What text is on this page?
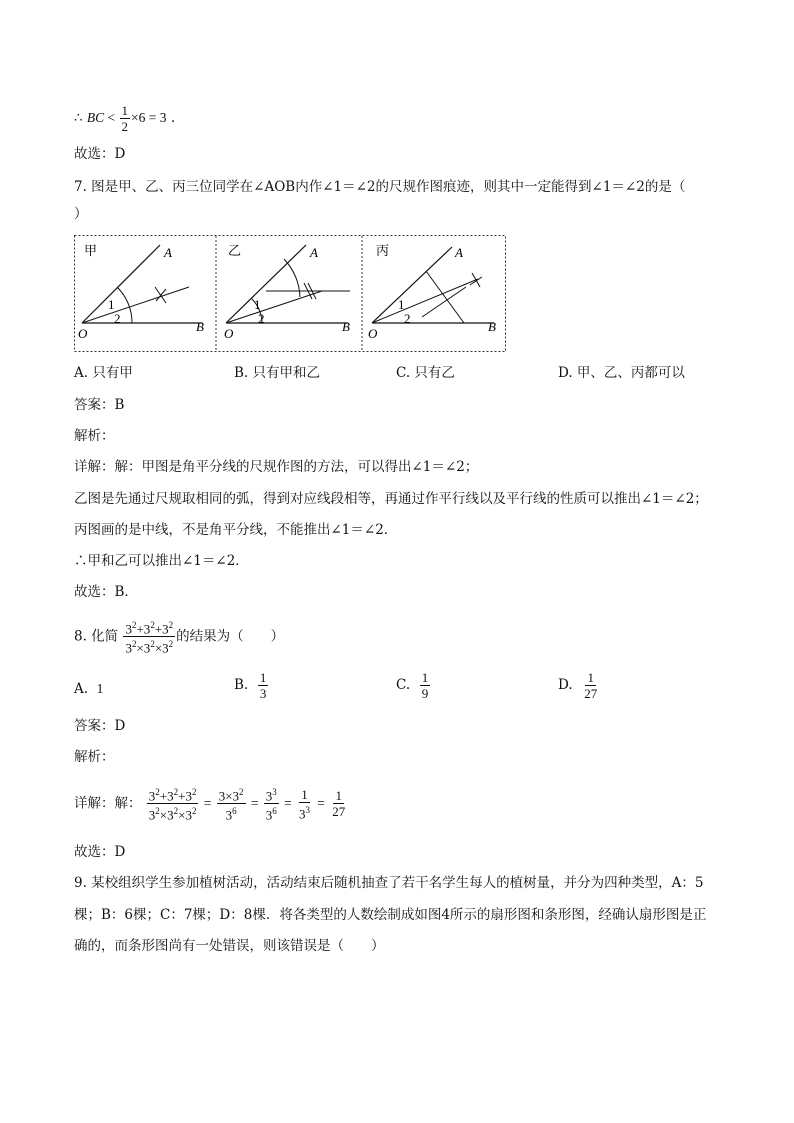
∴ BC < $\frac{1}{2} \times 6 = 3$ .
故选：D
7. 图是甲、乙、丙三位同学在∠AOB内作∠1＝∠2的尺规作图痕迹，则其中一定能得到∠1＝∠2的是（
）
甲
1
2
A
O	B
乙
1
2
A
O	B
丙
1
2
A
O	B
A. 只有甲	B. 只有甲和乙	C. 只有乙	D. 甲、乙、丙都可以
答案：B
解析：
详解：解：甲图是角平分线的尺规作图的方法，可以得出∠1＝∠2；
乙图是先通过尺规取相同的弧，得到对应线段相等，再通过作平行线以及平行线的性质可以推出∠1＝∠2；
丙图画的是中线，不是角平分线，不能推出∠1＝∠2．
∴甲和乙可以推出∠1＝∠2．
故选：B．
8. 化简 $\frac{3^2+3^2+3^2}{3^2\times 3^2\times 3^2}$ 的结果为（　　）
A. 1	B. $\frac{1}{3}$	C. $\frac{1}{9}$	D. $\frac{1}{27}$
答案：D
解析：
详解：解： $\frac{3^2+3^2+3^2}{3^2\times 3^2\times 3^2} = \frac{3\times 3^2}{3^6} = \frac{3^3}{3^6} = \frac{1}{3^3} = \frac{1}{27}$
故选：D
9. 某校组织学生参加植树活动，活动结束后随机抽查了若干名学生每人的植树量，并分为四种类型，A：5
棵；B：6棵；C：7棵；D：8棵．将各类型的人数绘制成如图4所示的扇形图和条形图，经确认扇形图是正
确的，而条形图尚有一处错误，则该错误是（　　）
